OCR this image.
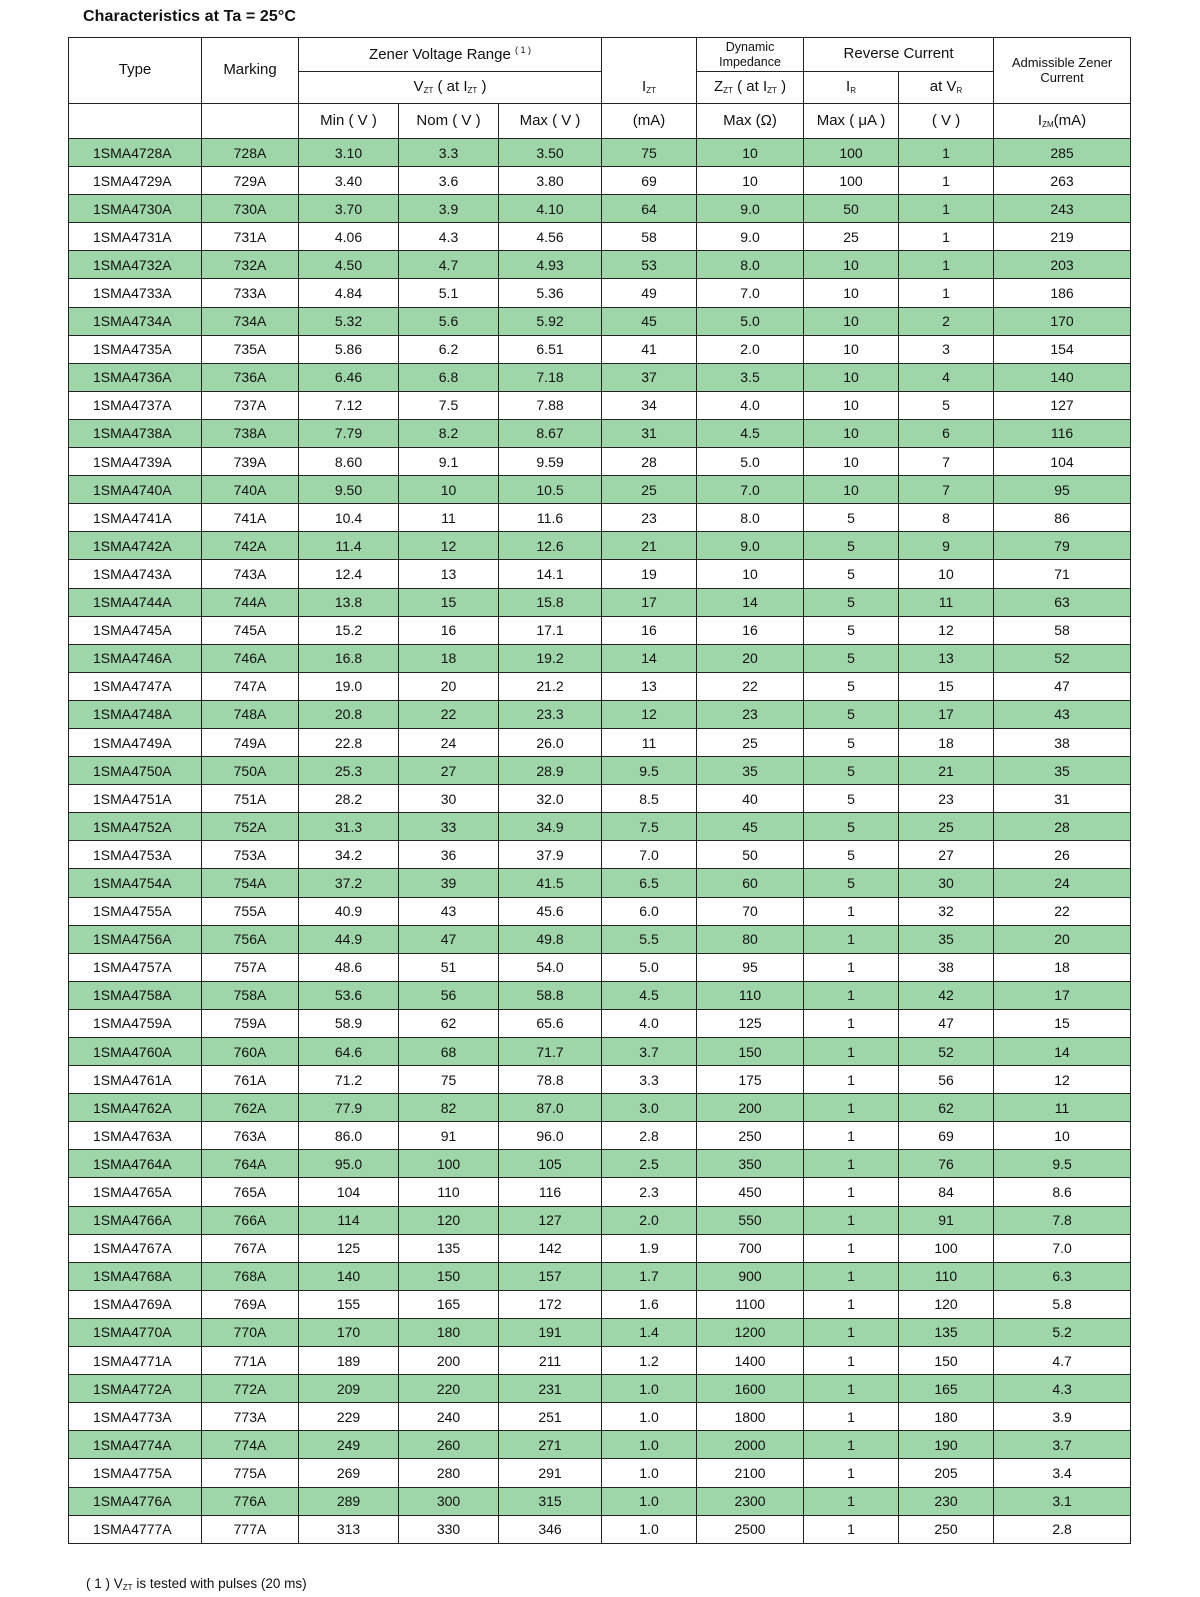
Characteristics at Ta = 25°C
Type	Marking	Zener Voltage Range $^{( 1 )}$				Dynamic Impedance	Reverse Current		Admissible Zener Current

		$V_{ZT}$ ( at $I_{ZT}$ )			$I_{ZT}$	$Z_{ZT}$ ( at $I_{ZT}$ )	$I_R$	at $V_R$
		Min ( V )	Nom ( V )	Max ( V )	(mA)	Max (Ω)	Max ( μA )	( V )	$I_{ZM}(mA)$
1SMA4728A	728A	3.10	3.3	3.50	75	10	100	1	285
1SMA4729A	729A	3.40	3.6	3.80	69	10	100	1	263
1SMA4730A	730A	3.70	3.9	4.10	64	9.0	50	1	243
1SMA4731A	731A	4.06	4.3	4.56	58	9.0	25	1	219
1SMA4732A	732A	4.50	4.7	4.93	53	8.0	10	1	203
1SMA4733A	733A	4.84	5.1	5.36	49	7.0	10	1	186
1SMA4734A	734A	5.32	5.6	5.92	45	5.0	10	2	170
1SMA4735A	735A	5.86	6.2	6.51	41	2.0	10	3	154
1SMA4736A	736A	6.46	6.8	7.18	37	3.5	10	4	140
1SMA4737A	737A	7.12	7.5	7.88	34	4.0	10	5	127
1SMA4738A	738A	7.79	8.2	8.67	31	4.5	10	6	116
1SMA4739A	739A	8.60	9.1	9.59	28	5.0	10	7	104
1SMA4740A	740A	9.50	10	10.5	25	7.0	10	7	95
1SMA4741A	741A	10.4	11	11.6	23	8.0	5	8	86
1SMA4742A	742A	11.4	12	12.6	21	9.0	5	9	79
1SMA4743A	743A	12.4	13	14.1	19	10	5	10	71
1SMA4744A	744A	13.8	15	15.8	17	14	5	11	63
1SMA4745A	745A	15.2	16	17.1	16	16	5	12	58
1SMA4746A	746A	16.8	18	19.2	14	20	5	13	52
1SMA4747A	747A	19.0	20	21.2	13	22	5	15	47
1SMA4748A	748A	20.8	22	23.3	12	23	5	17	43
1SMA4749A	749A	22.8	24	26.0	11	25	5	18	38
1SMA4750A	750A	25.3	27	28.9	9.5	35	5	21	35
1SMA4751A	751A	28.2	30	32.0	8.5	40	5	23	31
1SMA4752A	752A	31.3	33	34.9	7.5	45	5	25	28
1SMA4753A	753A	34.2	36	37.9	7.0	50	5	27	26
1SMA4754A	754A	37.2	39	41.5	6.5	60	5	30	24
1SMA4755A	755A	40.9	43	45.6	6.0	70	1	32	22
1SMA4756A	756A	44.9	47	49.8	5.5	80	1	35	20
1SMA4757A	757A	48.6	51	54.0	5.0	95	1	38	18
1SMA4758A	758A	53.6	56	58.8	4.5	110	1	42	17
1SMA4759A	759A	58.9	62	65.6	4.0	125	1	47	15
1SMA4760A	760A	64.6	68	71.7	3.7	150	1	52	14
1SMA4761A	761A	71.2	75	78.8	3.3	175	1	56	12
1SMA4762A	762A	77.9	82	87.0	3.0	200	1	62	11
1SMA4763A	763A	86.0	91	96.0	2.8	250	1	69	10
1SMA4764A	764A	95.0	100	105	2.5	350	1	76	9.5
1SMA4765A	765A	104	110	116	2.3	450	1	84	8.6
1SMA4766A	766A	114	120	127	2.0	550	1	91	7.8
1SMA4767A	767A	125	135	142	1.9	700	1	100	7.0
1SMA4768A	768A	140	150	157	1.7	900	1	110	6.3
1SMA4769A	769A	155	165	172	1.6	1100	1	120	5.8
1SMA4770A	770A	170	180	191	1.4	1200	1	135	5.2
1SMA4771A	771A	189	200	211	1.2	1400	1	150	4.7
1SMA4772A	772A	209	220	231	1.0	1600	1	165	4.3
1SMA4773A	773A	229	240	251	1.0	1800	1	180	3.9
1SMA4774A	774A	249	260	271	1.0	2000	1	190	3.7
1SMA4775A	775A	269	280	291	1.0	2100	1	205	3.4
1SMA4776A	776A	289	300	315	1.0	2300	1	230	3.1
1SMA4777A	777A	313	330	346	1.0	2500	1	250	2.8
( 1 ) $V_{ZT}$ is tested with pulses (20 ms)
